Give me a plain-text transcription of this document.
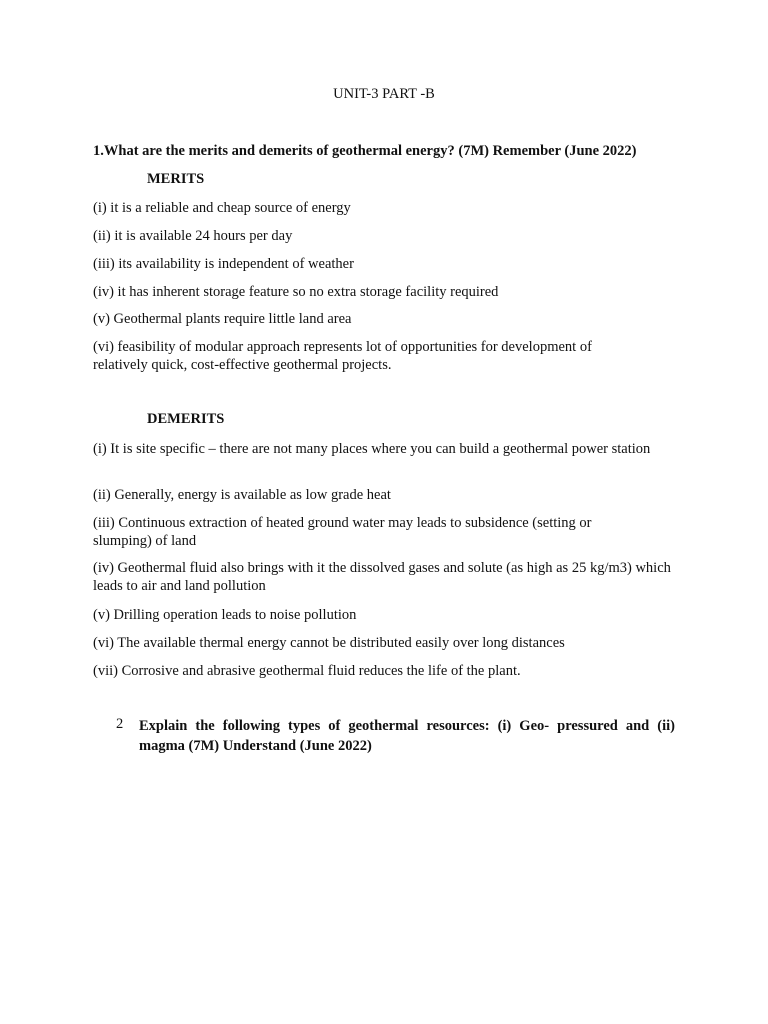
UNIT-3 PART -B
1.What are the merits and demerits of geothermal energy? (7M) Remember (June 2022)
MERITS
(i) it is a reliable and cheap source of energy
(ii) it is available 24 hours per day
(iii) its availability is independent of weather
(iv) it has inherent storage feature so no extra storage facility required
(v) Geothermal plants require little land area
(vi) feasibility of modular approach represents lot of opportunities for development of relatively quick, cost-effective geothermal projects.
DEMERITS
(i) It is site specific – there are not many places where you can build a geothermal power station
(ii) Generally, energy is available as low grade heat
(iii) Continuous extraction of heated ground water may leads to subsidence (setting or slumping) of land
(iv) Geothermal fluid also brings with it the dissolved gases and solute (as high as 25 kg/m3) which leads to air and land pollution
(v) Drilling operation leads to noise pollution
(vi) The available thermal energy cannot be distributed easily over long distances
(vii) Corrosive and abrasive geothermal fluid reduces the life of the plant.
2 Explain the following types of geothermal resources: (i) Geo- pressured and (ii) magma (7M) Understand (June 2022)
